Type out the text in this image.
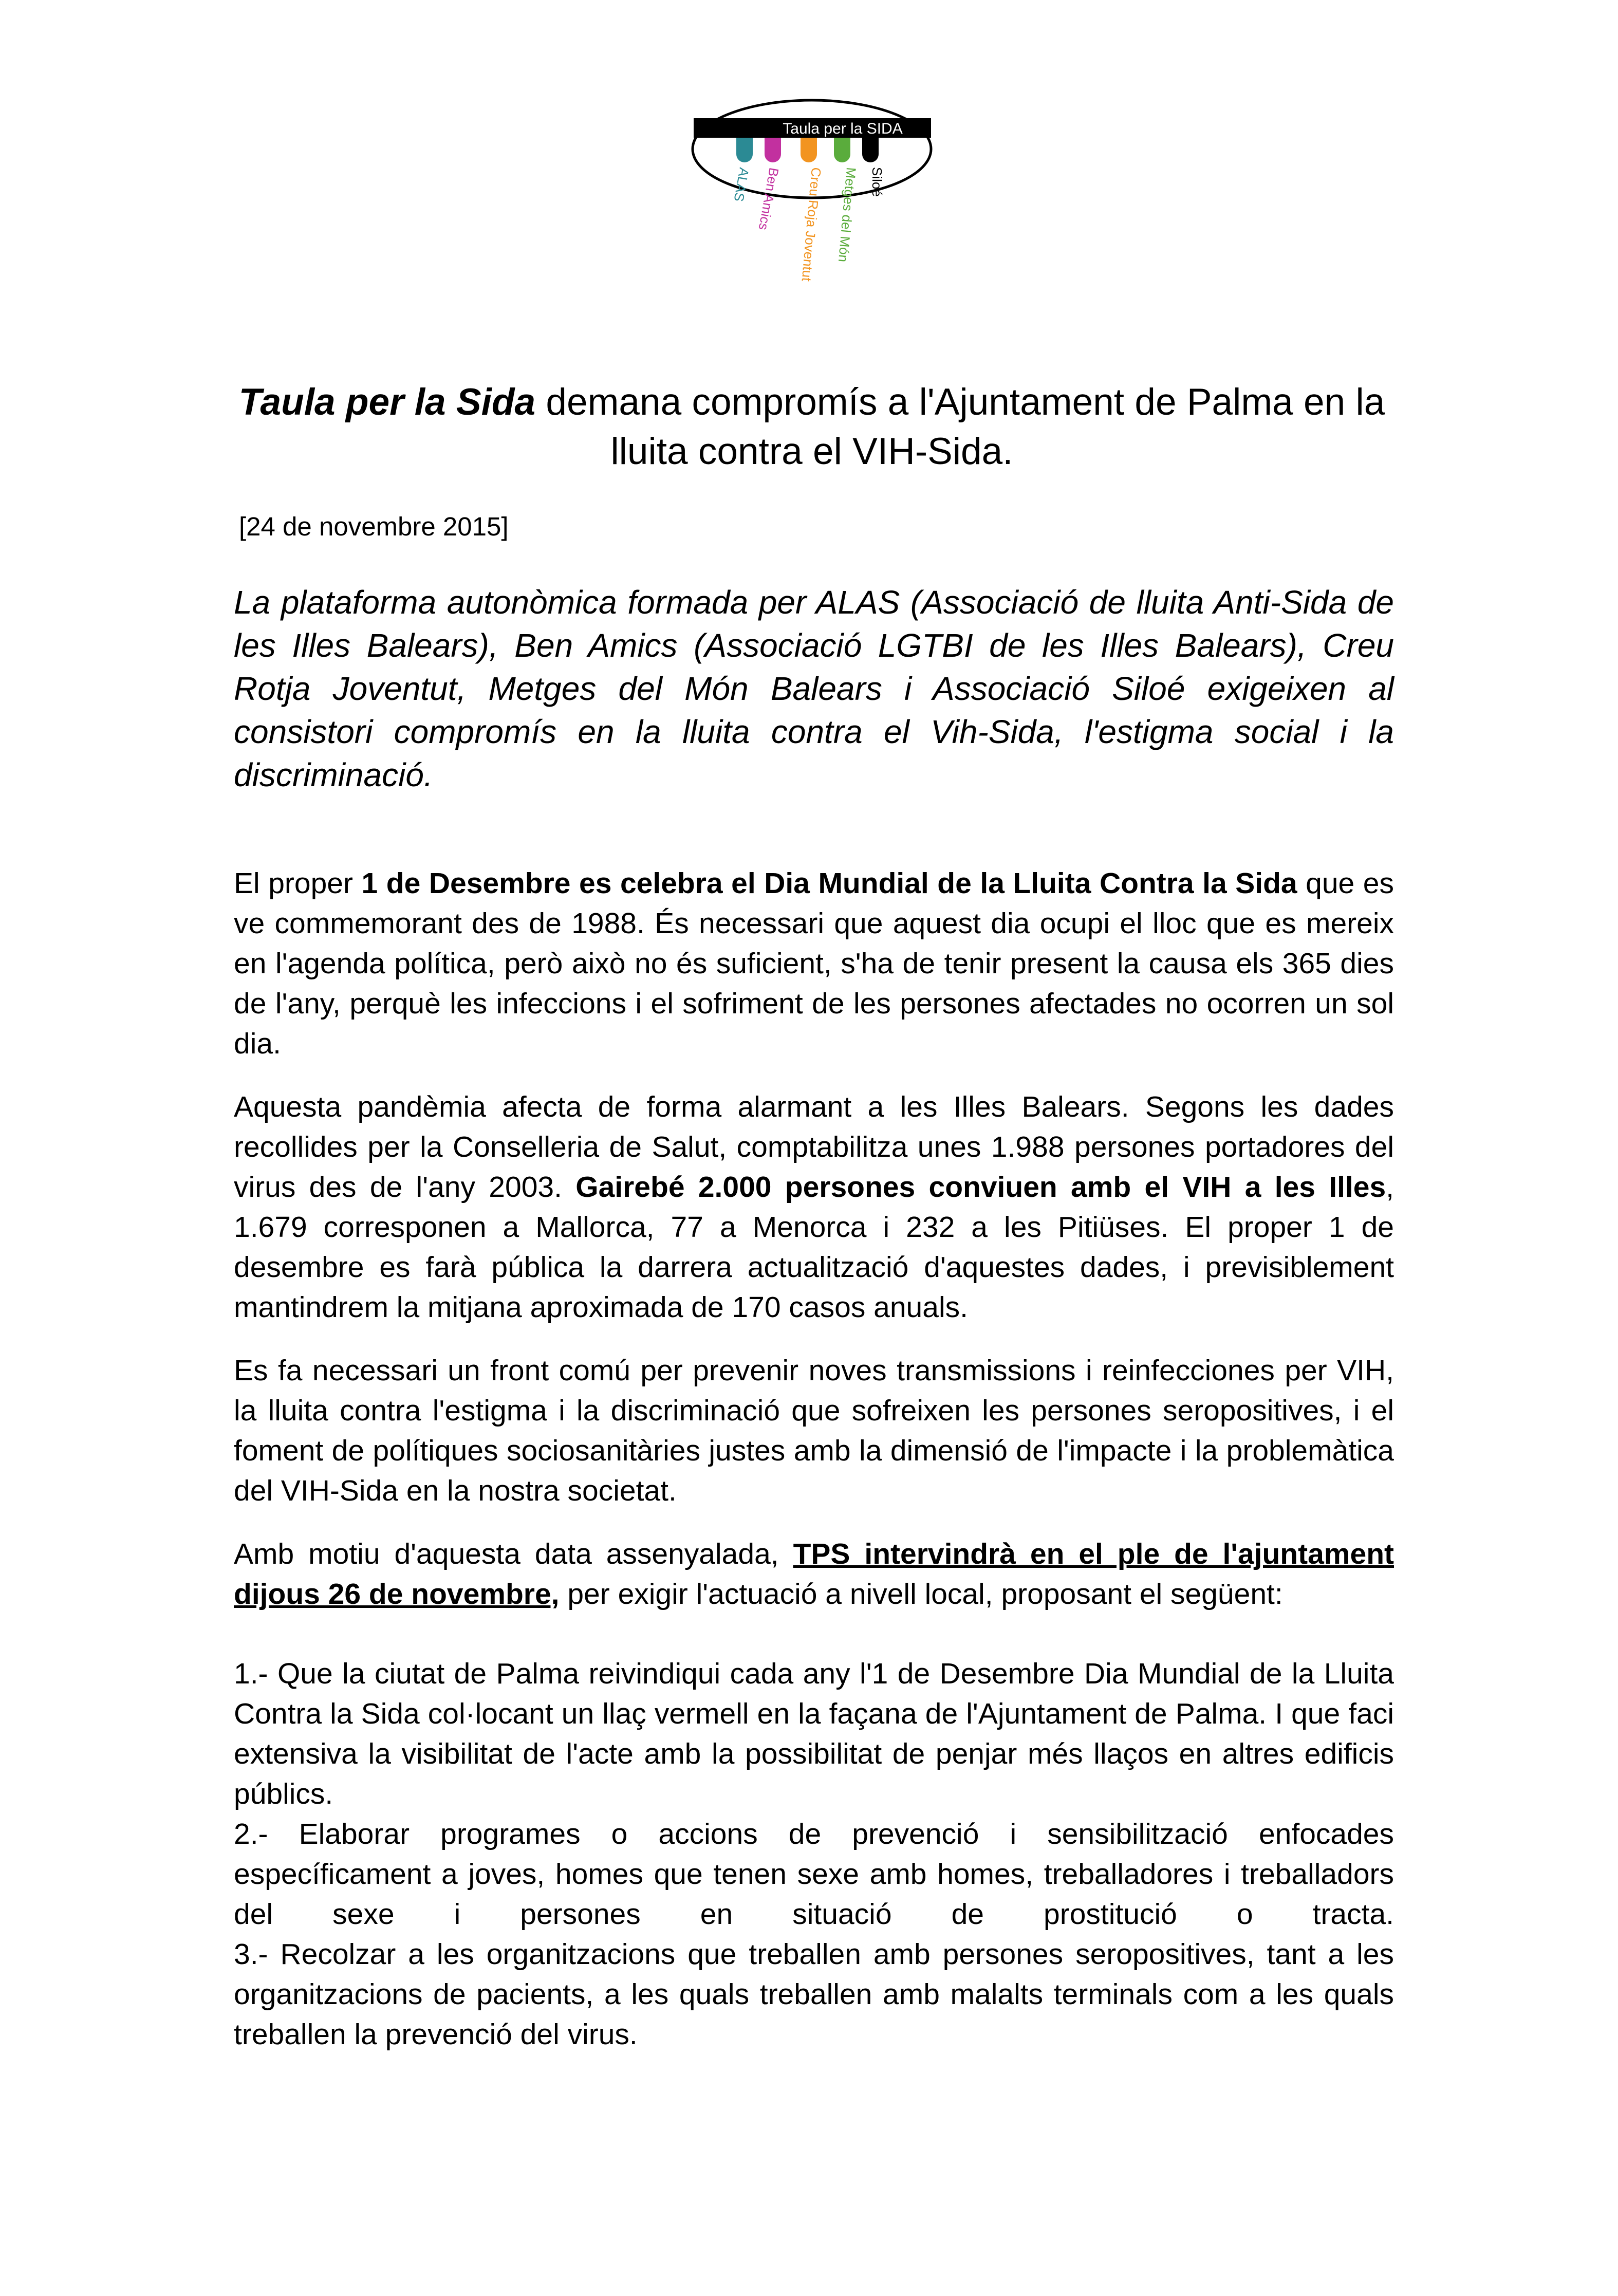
Taula per la SIDA
ALAS Ben Amics Creu Roja Joventut Metges del Món Siloé
Taula per la Sida demana compromís a l'Ajuntament de Palma en la lluita contra el VIH-Sida.
[24 de novembre 2015]
La plataforma autonòmica formada per ALAS (Associació de lluita Anti-Sida de les Illes Balears), Ben Amics (Associació LGTBI de les Illes Balears), Creu Rotja Joventut, Metges del Món Balears i Associació Siloé exigeixen al consistori compromís en la lluita contra el Vih-Sida, l'estigma social i la discriminació.
El proper 1 de Desembre es celebra el Dia Mundial de la Lluita Contra la Sida que es ve commemorant des de 1988. És necessari que aquest dia ocupi el lloc que es mereix en l'agenda política, però això no és suficient, s'ha de tenir present la causa els 365 dies de l'any, perquè les infeccions i el sofriment de les persones afectades no ocorren un sol dia.
Aquesta pandèmia afecta de forma alarmant a les Illes Balears. Segons les dades recollides per la Conselleria de Salut, comptabilitza unes 1.988 persones portadores del virus des de l'any 2003. Gairebé 2.000 persones conviuen amb el VIH a les Illes, 1.679 corresponen a Mallorca, 77 a Menorca i 232 a les Pitiüses. El proper 1 de desembre es farà pública la darrera actualització d'aquestes dades, i previsiblement mantindrem la mitjana aproximada de 170 casos anuals.
Es fa necessari un front comú per prevenir noves transmissions i reinfecciones per VIH, la lluita contra l'estigma i la discriminació que sofreixen les persones seropositives, i el foment de polítiques sociosanitàries justes amb la dimensió de l'impacte i la problemàtica del VIH-Sida en la nostra societat.
Amb motiu d'aquesta data assenyalada, TPS intervindrà en el ple de l'ajuntament dijous 26 de novembre, per exigir l'actuació a nivell local, proposant el següent:
1.- Que la ciutat de Palma reivindiqui cada any l'1 de Desembre Dia Mundial de la Lluita Contra la Sida col·locant un llaç vermell en la façana de l'Ajuntament de Palma. I que faci extensiva la visibilitat de l'acte amb la possibilitat de penjar més llaços en altres edificis públics.
2.- Elaborar programes o accions de prevenció i sensibilització enfocades específicament a joves, homes que tenen sexe amb homes, treballadores i treballadors del sexe i persones en situació de prostitució o tracta.
3.- Recolzar a les organitzacions que treballen amb persones seropositives, tant a les organitzacions de pacients, a les quals treballen amb malalts terminals com a les quals treballen la prevenció del virus.
